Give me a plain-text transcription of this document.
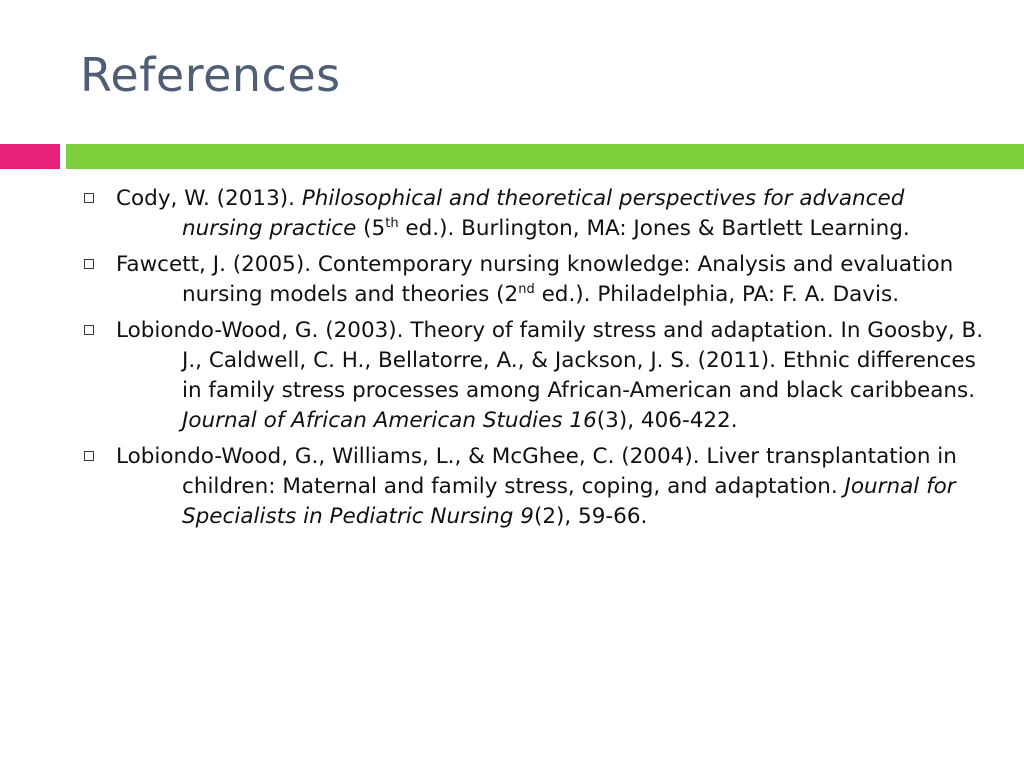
References
Cody, W. (2013). Philosophical and theoretical perspectives for advanced nursing practice (5th ed.). Burlington, MA: Jones & Bartlett Learning.
Fawcett, J. (2005). Contemporary nursing knowledge: Analysis and evaluation nursing models and theories (2nd ed.). Philadelphia, PA: F. A. Davis.
Lobiondo-Wood, G. (2003). Theory of family stress and adaptation. In Goosby, B. J., Caldwell, C. H., Bellatorre, A., & Jackson, J. S. (2011). Ethnic differences in family stress processes among African-American and black caribbeans. Journal of African American Studies 16(3), 406-422.
Lobiondo-Wood, G., Williams, L., & McGhee, C. (2004). Liver transplantation in children: Maternal and family stress, coping, and adaptation. Journal for Specialists in Pediatric Nursing 9(2), 59-66.
